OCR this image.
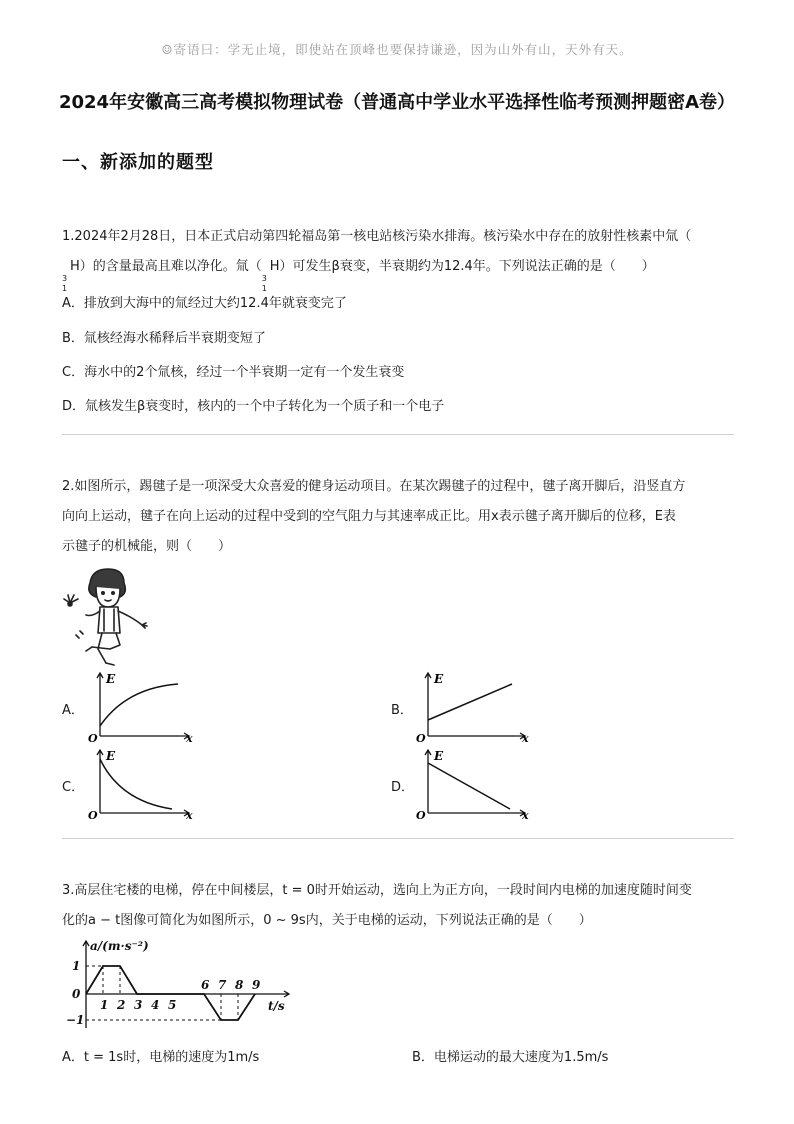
☺寄语曰：学无止境，即使站在顶峰也要保持谦逊，因为山外有山，天外有天。
2024年安徽高三高考模拟物理试卷（普通高中学业水平选择性临考预测押题密A卷）
一、新添加的题型

1.2024年2月28日，日本正式启动第四轮福岛第一核电站核污染水排海。核污染水中存在的放射性核素中氚（

3
1
H）的含量最高且难以净化。氚（
3
1
H）可发生β衰变，半衰期约为12.4年。下列说法正确的是（　　）

A．排放到大海中的氚经过大约12.4年就衰变完了
B．氚核经海水稀释后半衰期变短了
C．海水中的2个氚核，经过一个半衰期一定有一个发生衰变
D．氚核发生β衰变时，核内的一个中子转化为一个质子和一个电子

2.如图所示，踢毽子是一项深受大众喜爱的健身运动项目。在某次踢毽子的过程中，毽子离开脚后，沿竖直方

向向上运动，毽子在向上运动的过程中受到的空气阻力与其速率成正比。用x表示毽子离开脚后的位移，E表

示毽子的机械能，则（　　）

A．
E
x
O
B．
E
x
O
C．
E
x
O
D．
E
x
O

3.高层住宅楼的电梯，停在中间楼层，t = 0时开始运动，选向上为正方向，一段时间内电梯的加速度随时间变

化的a − t图像可简化为如图所示，0 ~ 9s内，关于电梯的运动，下列说法正确的是（　　）

a/(m·s⁻²)
t/s
1
0
−1
1 2 3 4 5
6 7 8 9
A．t = 1s时，电梯的速度为1m/s	B．电梯运动的最大速度为1.5m/s
